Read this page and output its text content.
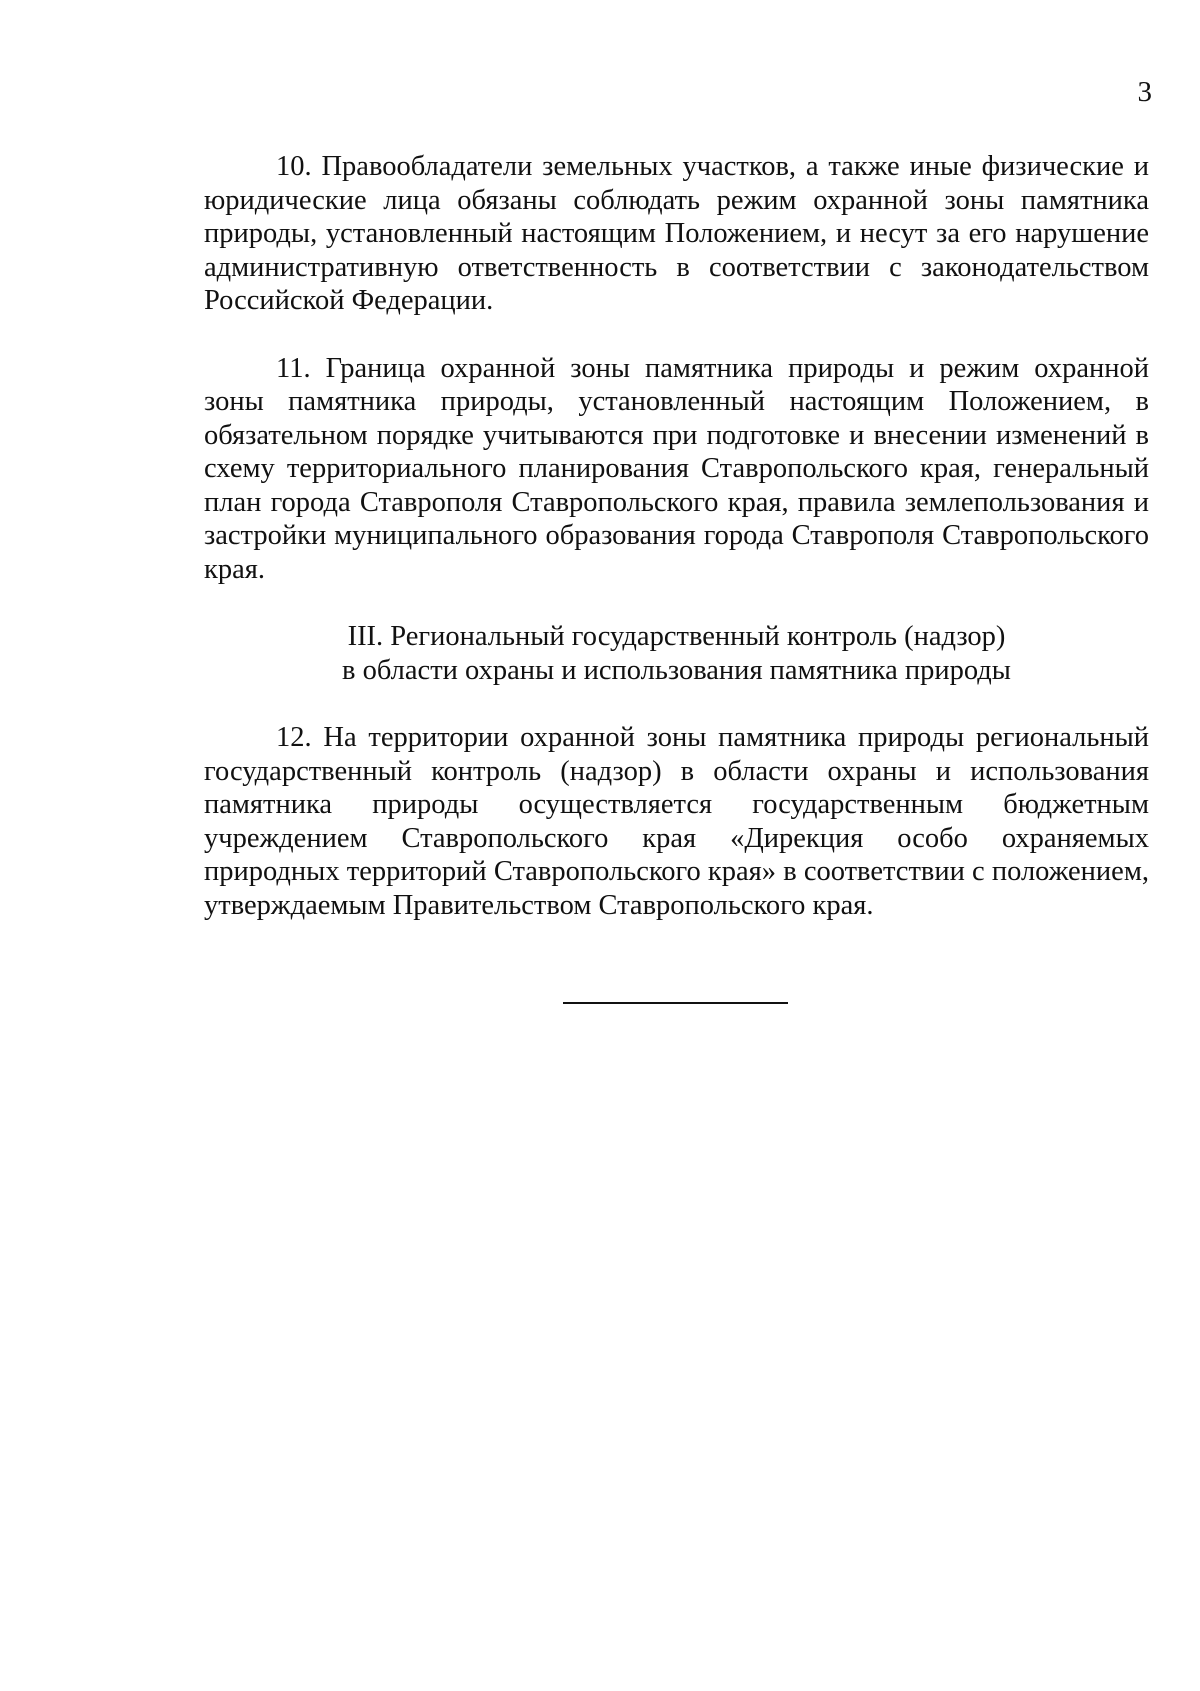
3

10. Правообладатели земельных участков, а также иные физические и юридические лица обязаны соблюдать режим охранной зоны памятника природы, установленный настоящим Положением, и несут за его нарушение административную ответственность в соответствии с законодательством Российской Федерации.

11. Граница охранной зоны памятника природы и режим охранной зоны памятника природы, установленный настоящим Положением, в обязательном порядке учитываются при подготовке и внесении изменений в схему территориального планирования Ставропольского края, генеральный план города Ставрополя Ставропольского края, правила землепользования и застройки муниципального образования города Ставрополя Ставропольского края.

III. Региональный государственный контроль (надзор)
в области охраны и использования памятника природы

12. На территории охранной зоны памятника природы региональный государственный контроль (надзор) в области охраны и использования памятника природы осуществляется государственным бюджетным учреждением Ставропольского края «Дирекция особо охраняемых природных территорий Ставропольского края» в соответствии с положением, утверждаемым Правительством Ставропольского края.
